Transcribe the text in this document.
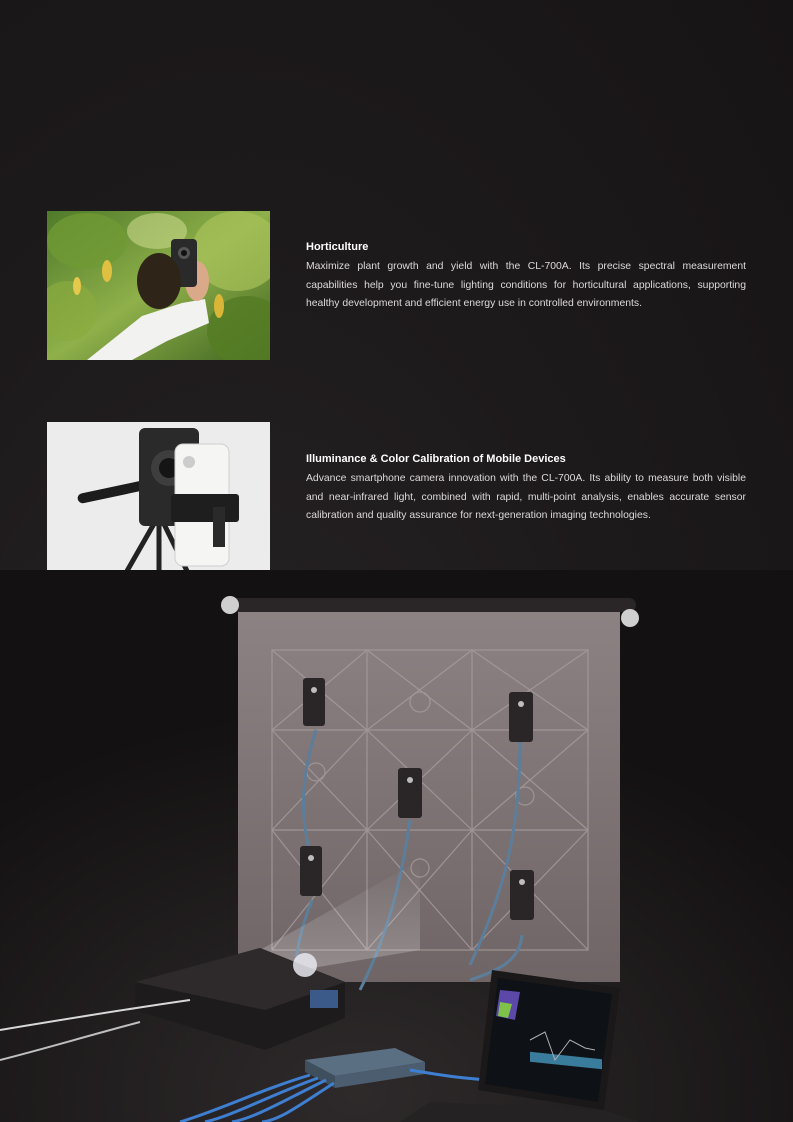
Horticulture

Maximize plant growth and yield with the CL-700A. Its precise spectral measurement capabilities help you fine-tune lighting conditions for horticultural applications, supporting healthy development and efficient energy use in controlled environments.

Illuminance & Color Calibration of Mobile Devices

Advance smartphone camera innovation with the CL-700A. Its ability to measure both visible and near-infrared light, combined with rapid, multi-point analysis, enables accurate sensor calibration and quality assurance for next-generation imaging technologies.
